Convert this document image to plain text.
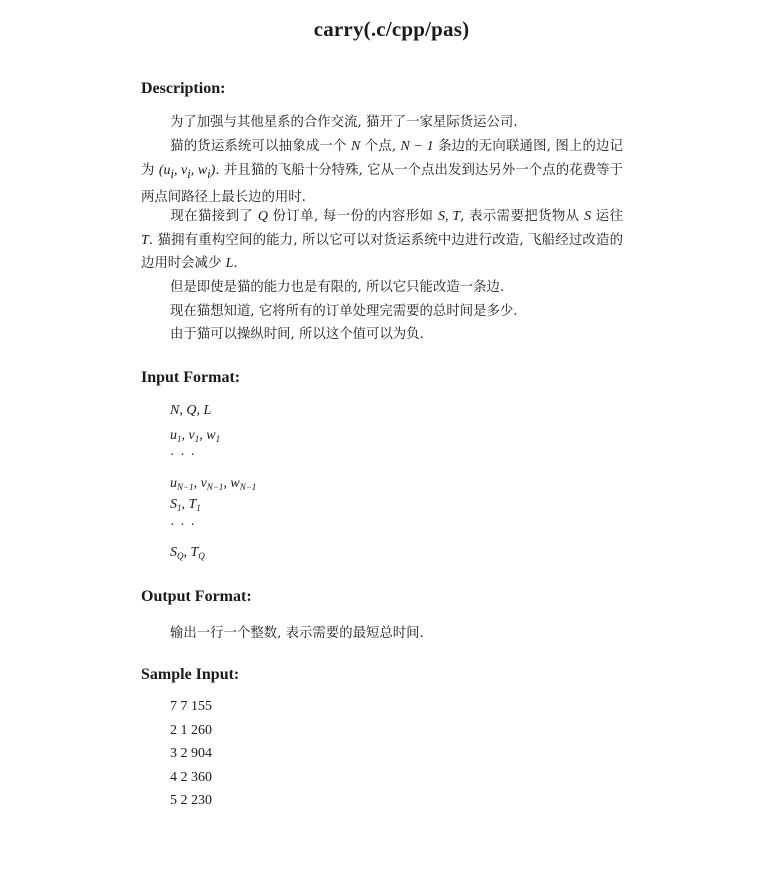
carry(.c/cpp/pas)
Description:
为了加强与其他星系的合作交流, 猫开了一家星际货运公司.
猫的货运系统可以抽象成一个 N 个点, N − 1 条边的无向联通图, 图上的边记为 ($u_i$, $v_i$, $w_i$). 并且猫的飞船十分特殊, 它从一个点出发到达另外一个点的花费等于两点间路径上最长边的用时.
现在猫接到了 Q 份订单, 每一份的内容形如 S, T, 表示需要把货物从 S 运往 T. 猫拥有重构空间的能力, 所以它可以对货运系统中边进行改造, 飞船经过改造的边用时会减少 L.
但是即使是猫的能力也是有限的, 所以它只能改造一条边.
现在猫想知道, 它将所有的订单处理完需要的总时间是多少.
由于猫可以操纵时间, 所以这个值可以为负.
Input Format:
N, Q, L
$u_1$, $v_1$, $w_1$
· · ·
$u_{N-1}$, $v_{N-1}$, $w_{N-1}$
$S_1$, $T_1$
· · ·
$S_Q$, $T_Q$
Output Format:
输出一行一个整数, 表示需要的最短总时间.
Sample Input:
7 7 155
2 1 260
3 2 904
4 2 360
5 2 230
